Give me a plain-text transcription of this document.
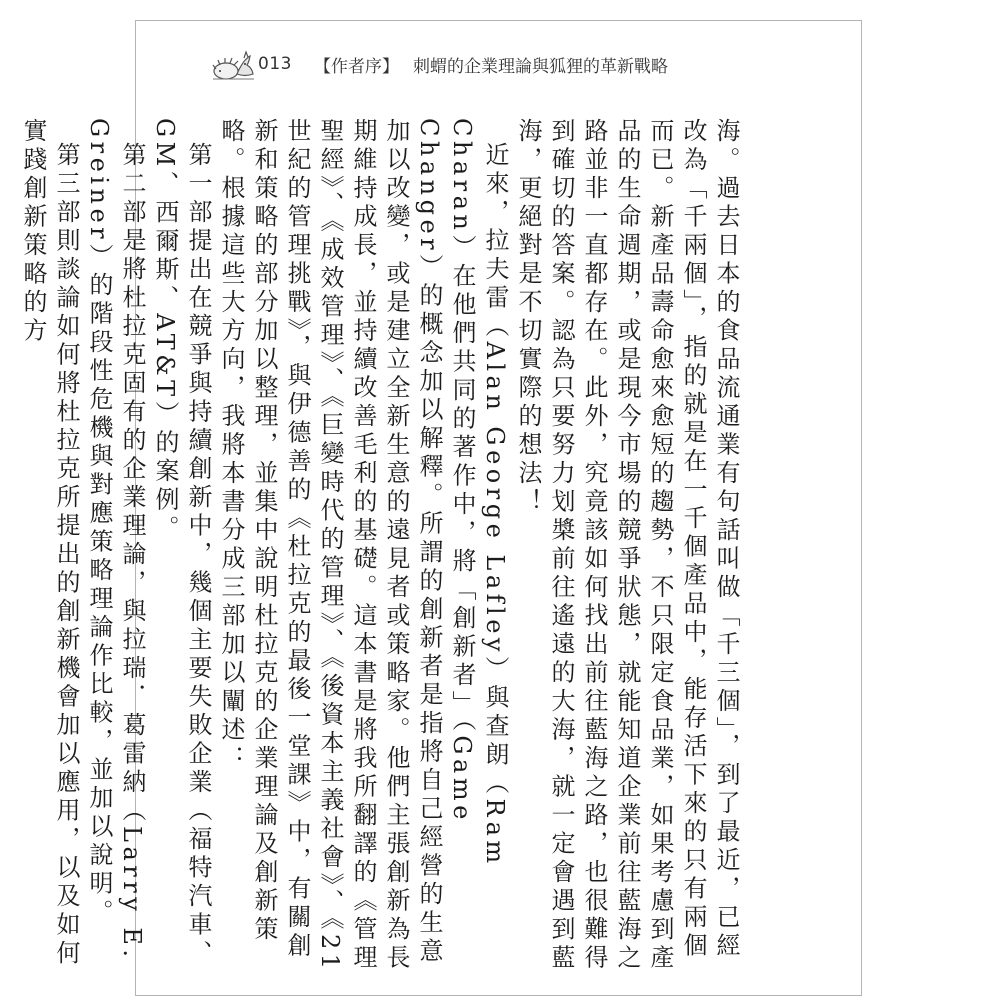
013 【作者序】 刺蝟的企業理論與狐狸的革新戰略

海。過去日本的食品流通業有句話叫做「千三個」，到了最近，已經改為「千兩個」，指的就是在一千個產品中，能存活下來的只有兩個而已。新產品壽命愈來愈短的趨勢，不只限定食品業，如果考慮到產品的生命週期，或是現今市場的競爭狀態，就能知道企業前往藍海之路並非一直都存在。此外，究竟該如何找出前往藍海之路，也很難得到確切的答案。認為只要努力划槳前往遙遠的大海，就一定會遇到藍海，更絕對是不切實際的想法！

近來，拉夫雷（Alan George Lafley）與查朗（Ram Charan）在他們共同的著作中，將「創新者」（Game Changer）的概念加以解釋。所謂的創新者是指將自己經營的生意加以改變，或是建立全新生意的遠見者或策略家。他們主張創新為長期維持成長，並持續改善毛利的基礎。這本書是將我所翻譯的《管理聖經》、《成效管理》、《巨變時代的管理》、《後資本主義社會》、《21世紀的管理挑戰》，與伊德善的《杜拉克的最後一堂課》中，有關創新和策略的部分加以整理，並集中說明杜拉克的企業理論及創新策略。根據這些大方向，我將本書分成三部加以闡述：

第一部提出在競爭與持續創新中，幾個主要失敗企業（福特汽車、GM、西爾斯、AT&T）的案例。

第二部是將杜拉克固有的企業理論，與拉瑞．葛雷納（Larry E. Greiner）的階段性危機與對應策略理論作比較，並加以說明。

第三部則談論如何將杜拉克所提出的創新機會加以應用，以及如何實踐創新策略的方
